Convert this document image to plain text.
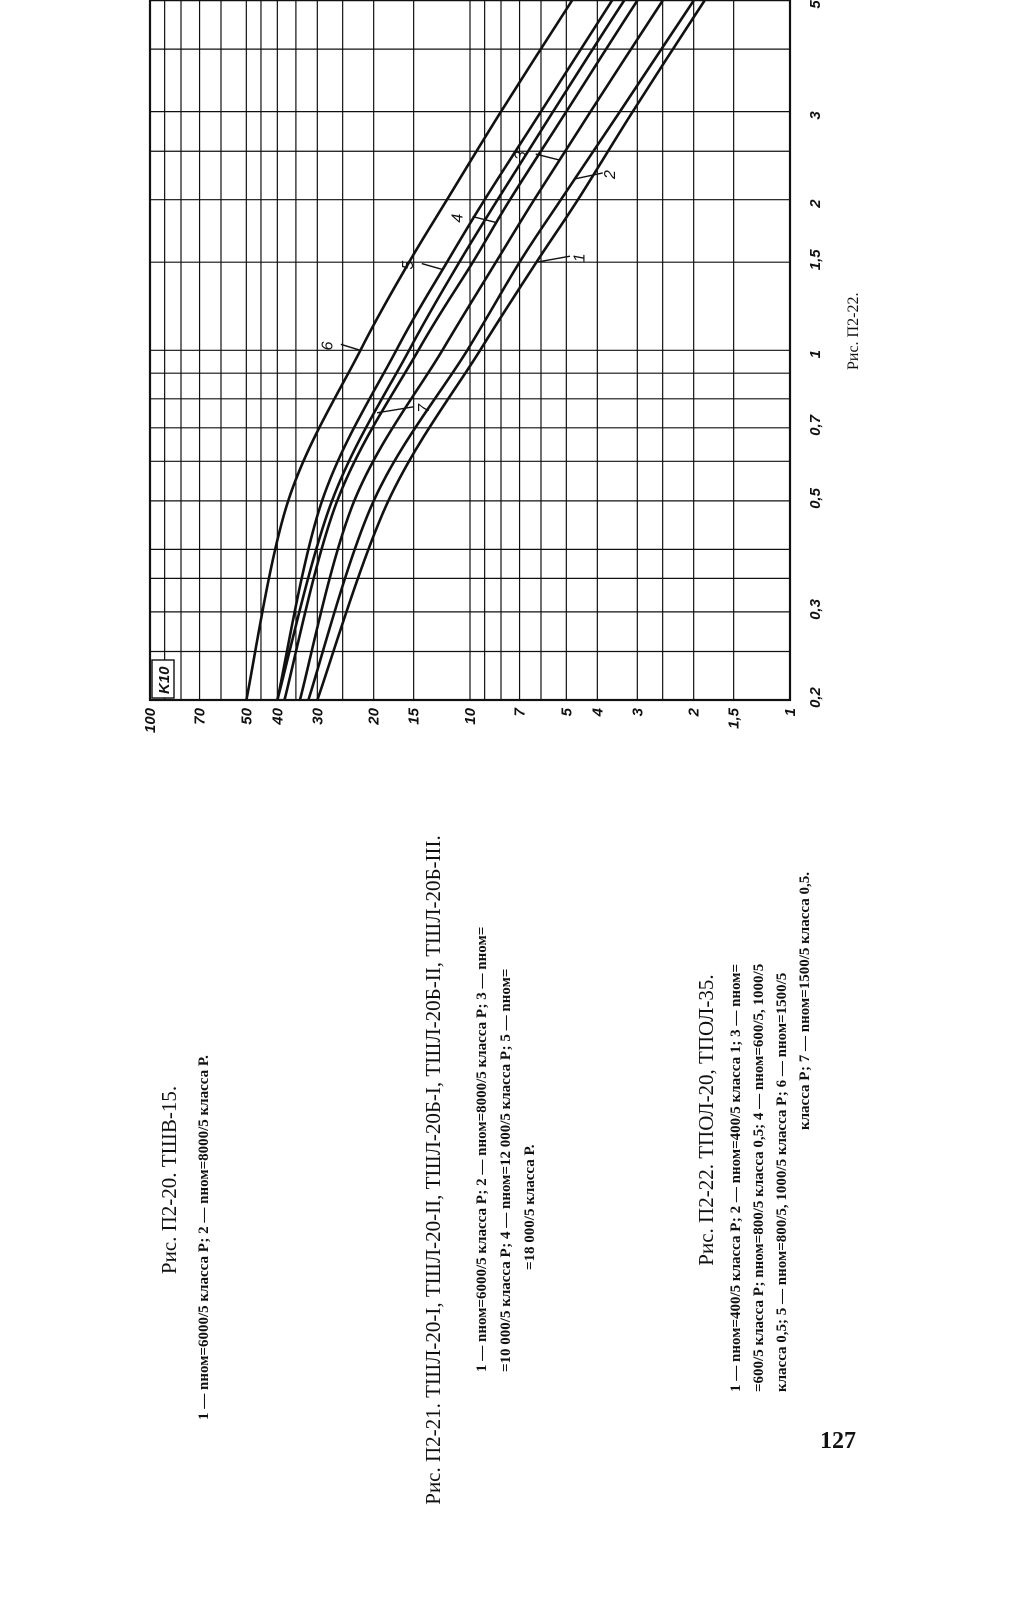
0,2
0,3
0,5
0,7
1
1,5
2
3
5
1
1,5
2
3
4
5
7
10
15
20
30
40
50
70
100
1
2
3
4
5
6
7
K10
Рис. П2-22.
Рис. П2-20. ТШВ-15. 1 — nном=6000/5 класса Р; 2 — nном=8000/5 класса Р.	Рис. П2-21. ТШЛ-20-I, ТШЛ-20-II, ТШЛ-20Б-I, ТШЛ-20Б-II, ТШЛ-20Б-III. 1 — nном=6000/5 класса Р; 2 — nном=8000/5 класса Р; 3 — nном= =10 000/5 класса Р; 4 — nном=12 000/5 класса Р; 5 — nном= =18 000/5 класса Р.	Рис. П2-22. ТПОЛ-20, ТПОЛ-35. 1 — nном=400/5 класса Р; 2 — nном=400/5 класса 1; 3 — nном= =600/5 класса Р; nном=800/5 класса 0,5; 4 — nном=600/5, 1000/5 класса 0,5; 5 — nном=800/5, 1000/5 класса Р; 6 — nном=1500/5 класса Р; 7 — nном=1500/5 класса 0,5.
127
